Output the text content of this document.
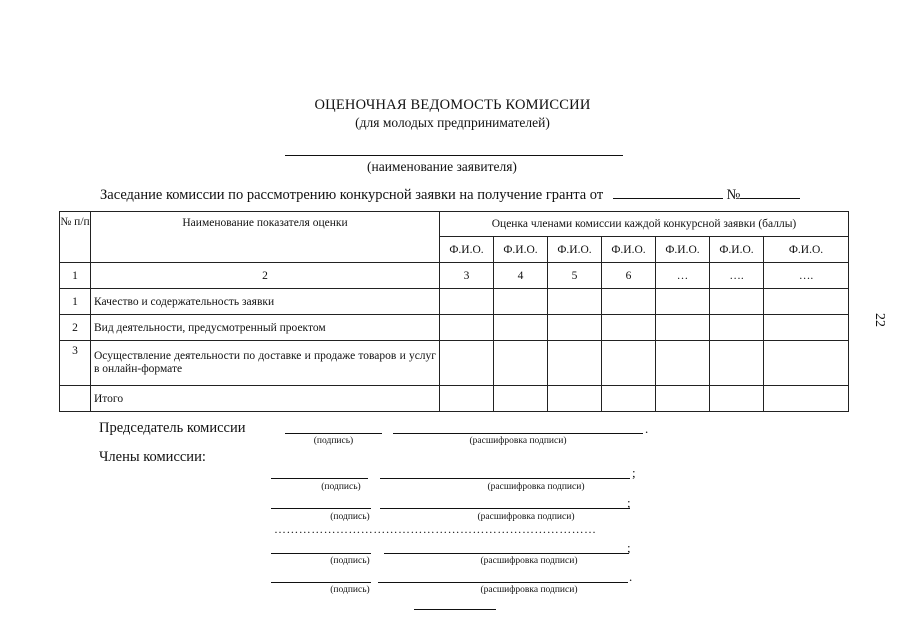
ОЦЕНОЧНАЯ ВЕДОМОСТЬ КОМИССИИ
(для молодых предпринимателей)
(наименование заявителя)
Заседание комиссии по рассмотрению конкурсной заявки на получение гранта от	№
22
№ п/п	Наименование показателя оценки	Оценка членами комиссии каждой конкурсной заявки (баллы)						
		Ф.И.О.	Ф.И.О.	Ф.И.О.	Ф.И.О.	Ф.И.О.	Ф.И.О.	Ф.И.О.
1	2	3	4	5	6	…	….	….
1	Качество и содержательность заявки							
2	Вид деятельности, предусмотренный проектом							
3	Осуществление деятельности по доставке и продаже товаров и услуг в онлайн-формате							
	Итого							
Председатель комиссии	.
(подпись)	(расшифровка подписи)
Члены комиссии:
;
(подпись)	(расшифровка подписи)
;
(подпись)	(расшифровка подписи)
……………………………………………………………………
;
(подпись)	(расшифровка подписи)
.
(подпись)	(расшифровка подписи)
